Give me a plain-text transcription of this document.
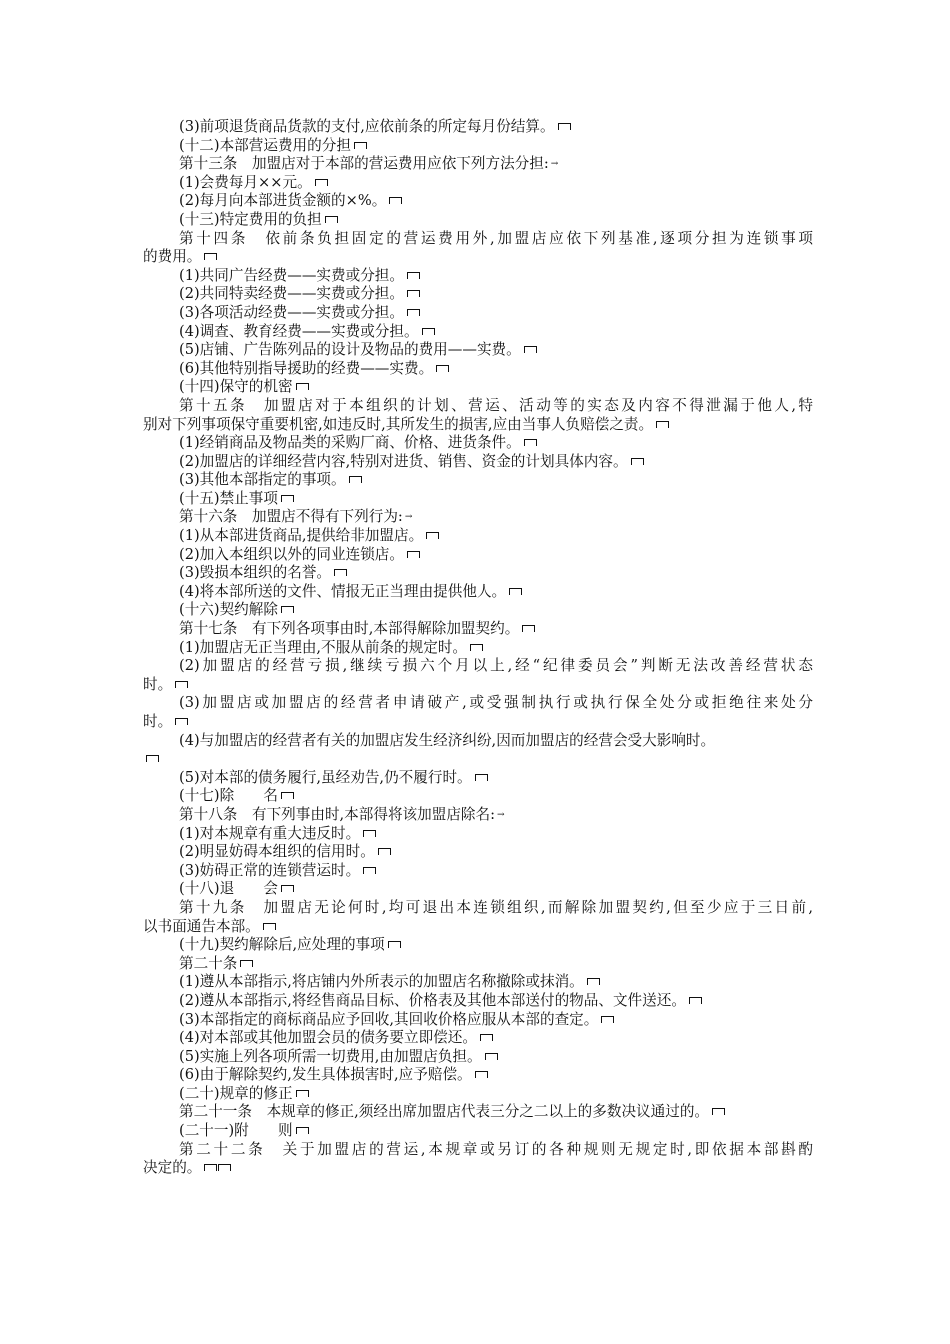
(3)前项退货商品货款的支付,应依前条的所定每月份结算。
(十二)本部营运费用的分担
第十三条　加盟店对于本部的营运费用应依下列方法分担: →
(1)会费每月××元。
(2)每月向本部进货金额的×%。
(十三)特定费用的负担
第十四条　依前条负担固定的营运费用外,加盟店应依下列基准,逐项分担为连锁事项
的费用。
(1)共同广告经费——实费或分担。
(2)共同特卖经费——实费或分担。
(3)各项活动经费——实费或分担。
(4)调查、教育经费——实费或分担。
(5)店铺、广告陈列品的设计及物品的费用——实费。
(6)其他特别指导援助的经费——实费。
(十四)保守的机密
第十五条　加盟店对于本组织的计划、营运、活动等的实态及内容不得泄漏于他人,特
别对下列事项保守重要机密,如违反时,其所发生的损害,应由当事人负赔偿之责。
(1)经销商品及物品类的采购厂商、价格、进货条件。
(2)加盟店的详细经营内容,特别对进货、销售、资金的计划具体内容。
(3)其他本部指定的事项。
(十五)禁止事项
第十六条　加盟店不得有下列行为: →
(1)从本部进货商品,提供给非加盟店。
(2)加入本组织以外的同业连锁店。
(3)毁损本组织的名誉。
(4)将本部所送的文件、情报无正当理由提供他人。
(十六)契约解除
第十七条　有下列各项事由时,本部得解除加盟契约。
(1)加盟店无正当理由,不服从前条的规定时。
(2)加盟店的经营亏损,继续亏损六个月以上,经“纪律委员会”判断无法改善经营状态
时。
(3)加盟店或加盟店的经营者申请破产,或受强制执行或执行保全处分或拒绝往来处分
时。
(4)与加盟店的经营者有关的加盟店发生经济纠纷,因而加盟店的经营会受大影响时。
(5)对本部的债务履行,虽经劝告,仍不履行时。
(十七)除　　名
第十八条　有下列事由时,本部得将该加盟店除名: →
(1)对本规章有重大违反时。
(2)明显妨碍本组织的信用时。
(3)妨碍正常的连锁营运时。
(十八)退　　会
第十九条　加盟店无论何时,均可退出本连锁组织,而解除加盟契约,但至少应于三日前,
以书面通告本部。
(十九)契约解除后,应处理的事项
第二十条
(1)遵从本部指示,将店铺内外所表示的加盟店名称撤除或抹消。
(2)遵从本部指示,将经售商品目标、价格表及其他本部送付的物品、文件送还。
(3)本部指定的商标商品应予回收,其回收价格应服从本部的查定。
(4)对本部或其他加盟会员的债务要立即偿还。
(5)实施上列各项所需一切费用,由加盟店负担。
(6)由于解除契约,发生具体损害时,应予赔偿。
(二十)规章的修正
第二十一条　本规章的修正,须经出席加盟店代表三分之二以上的多数决议通过的。
(二十一)附　　则
第二十二条　关于加盟店的营运,本规章或另订的各种规则无规定时,即依据本部斟酌
决定的。
